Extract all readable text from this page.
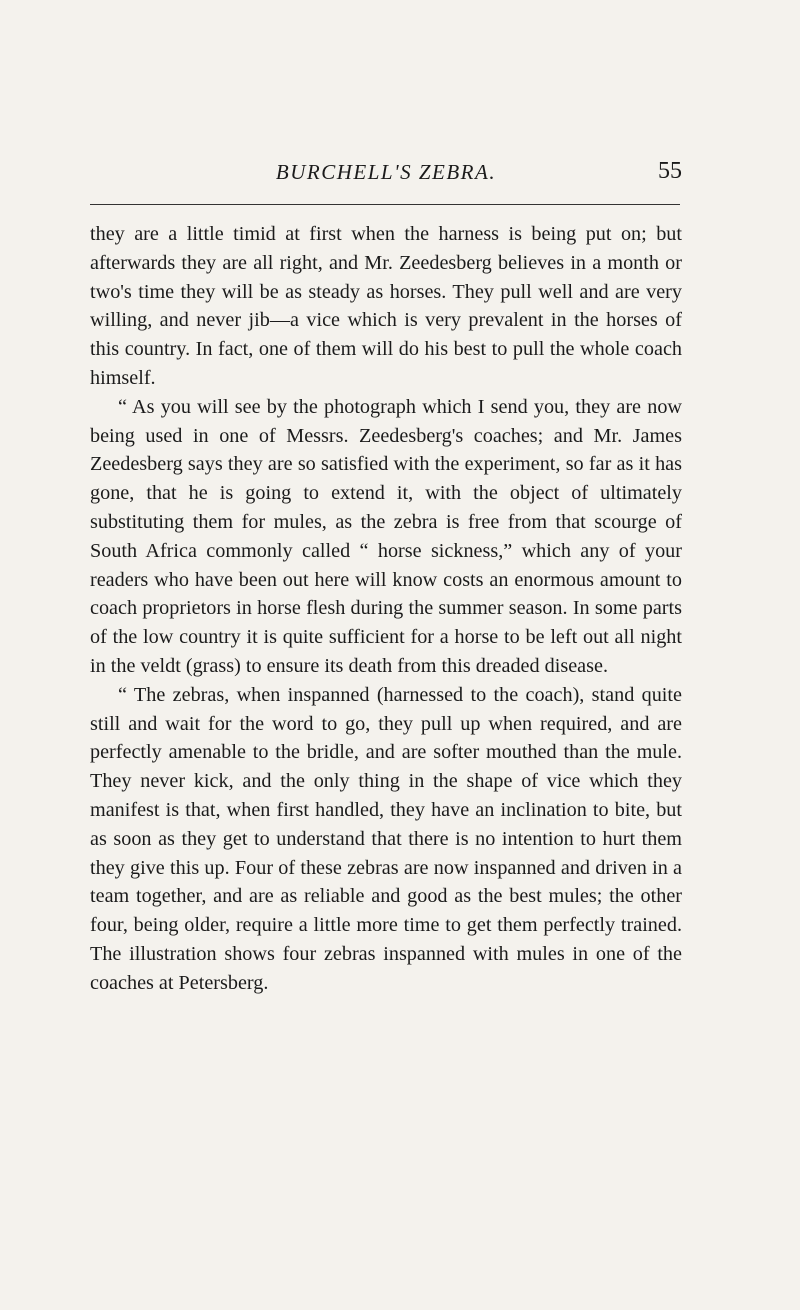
BURCHELL'S ZEBRA.	55

they are a little timid at first when the harness is being put on; but afterwards they are all right, and Mr. Zeedesberg believes in a month or two's time they will be as steady as horses. They pull well and are very willing, and never jib—a vice which is very prevalent in the horses of this country. In fact, one of them will do his best to pull the whole coach himself.

“ As you will see by the photograph which I send you, they are now being used in one of Messrs. Zeedesberg's coaches; and Mr. James Zeedesberg says they are so satisfied with the experiment, so far as it has gone, that he is going to extend it, with the object of ultimately substituting them for mules, as the zebra is free from that scourge of South Africa commonly called “ horse sickness,” which any of your readers who have been out here will know costs an enormous amount to coach proprietors in horse flesh during the summer season. In some parts of the low country it is quite sufficient for a horse to be left out all night in the veldt (grass) to ensure its death from this dreaded disease.

“ The zebras, when inspanned (harnessed to the coach), stand quite still and wait for the word to go, they pull up when required, and are perfectly amenable to the bridle, and are softer mouthed than the mule. They never kick, and the only thing in the shape of vice which they manifest is that, when first handled, they have an inclination to bite, but as soon as they get to understand that there is no intention to hurt them they give this up. Four of these zebras are now inspanned and driven in a team together, and are as reliable and good as the best mules; the other four, being older, require a little more time to get them perfectly trained. The illustration shows four zebras inspanned with mules in one of the coaches at Petersberg.
